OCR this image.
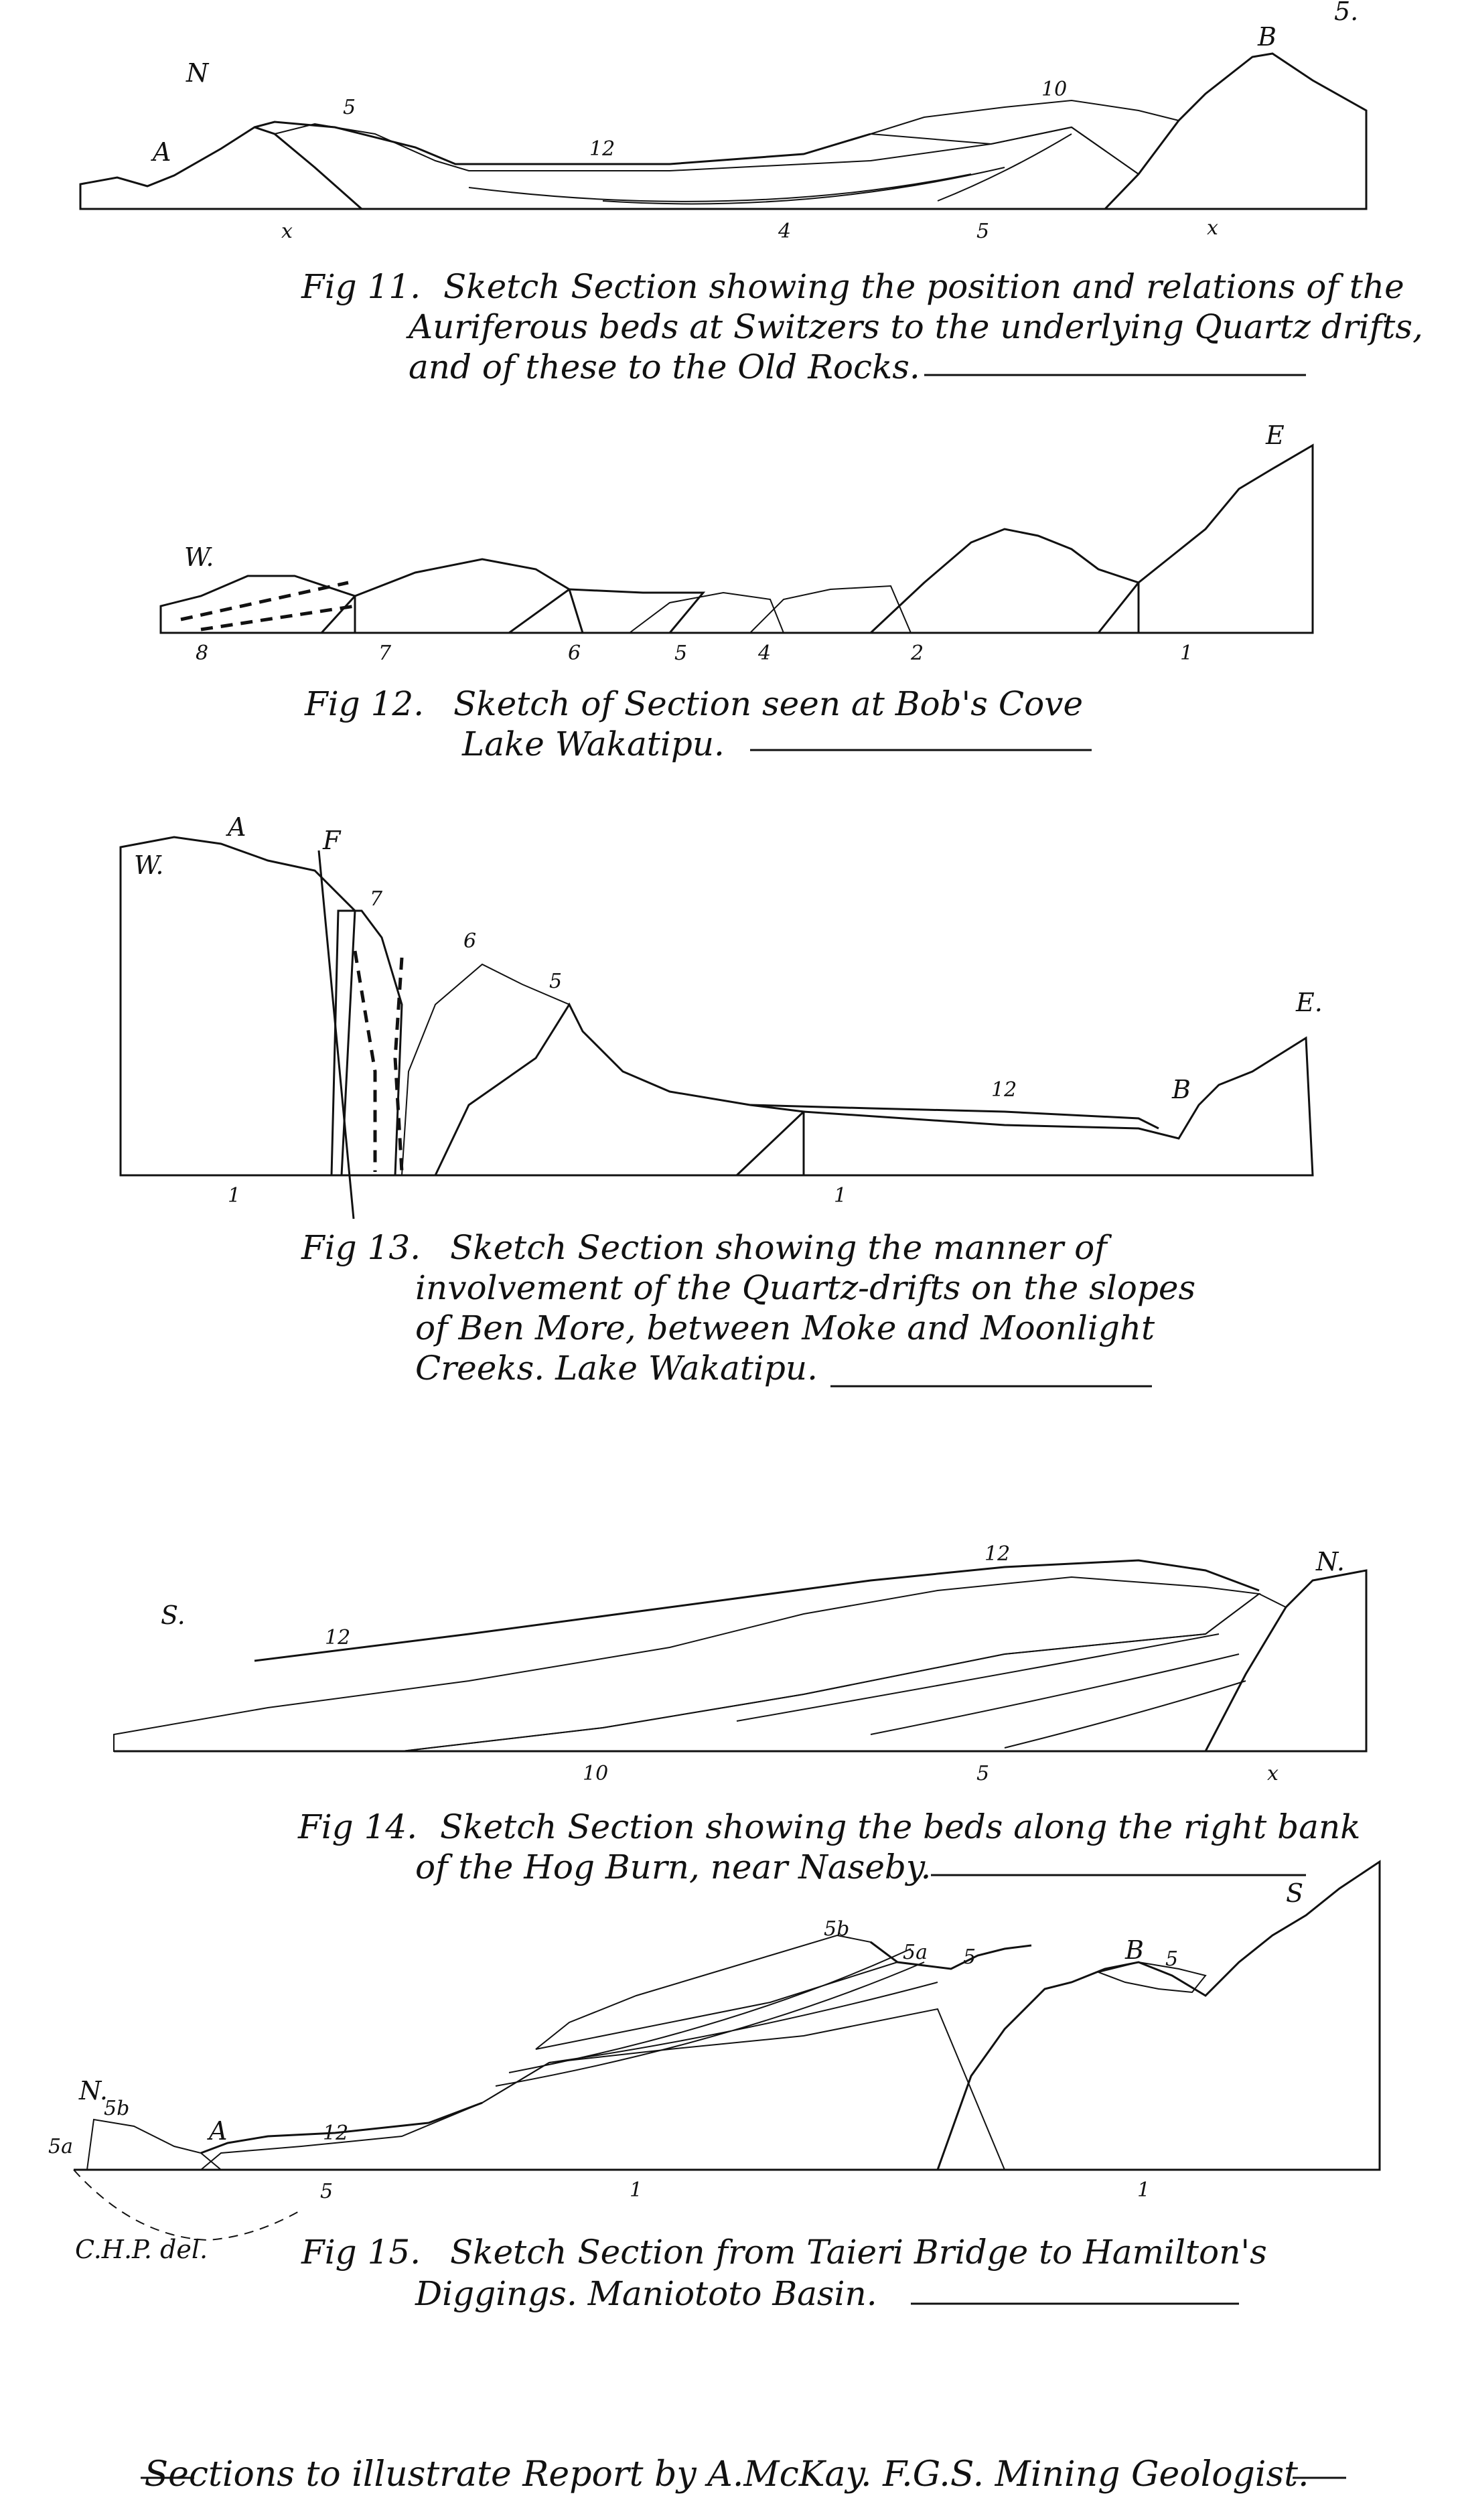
5.
N
A
B
5
12
10
x	4	5	x
Fig 11. Sketch Section showing the position and relations of the
Auriferous beds at Switzers to the underlying Quartz drifts,
and of these to the Old Rocks.
W.
E
8	7	6	5	4	2	1
Fig 12. Sketch of Section seen at Bob's Cove
Lake Wakatipu.
W.
A	F
7
6
5
12	B
E.
1	1
Fig 13. Sketch Section showing the manner of
involvement of the Quartz-drifts on the slopes
of Ben More, between Moke and Moonlight
Creeks. Lake Wakatipu.
S.
12
12	N.
10	5	x
Fig 14. Sketch Section showing the beds along the right bank
of the Hog Burn, near Naseby.
N.
5b
5a
A	12
5b
5a 5	B 5
S
5	1	1
C.H.P. del.	Fig 15. Sketch Section from Taieri Bridge to Hamilton's
Diggings. Maniototo Basin.
Sections to illustrate Report by A.McKay. F.G.S. Mining Geologist.
